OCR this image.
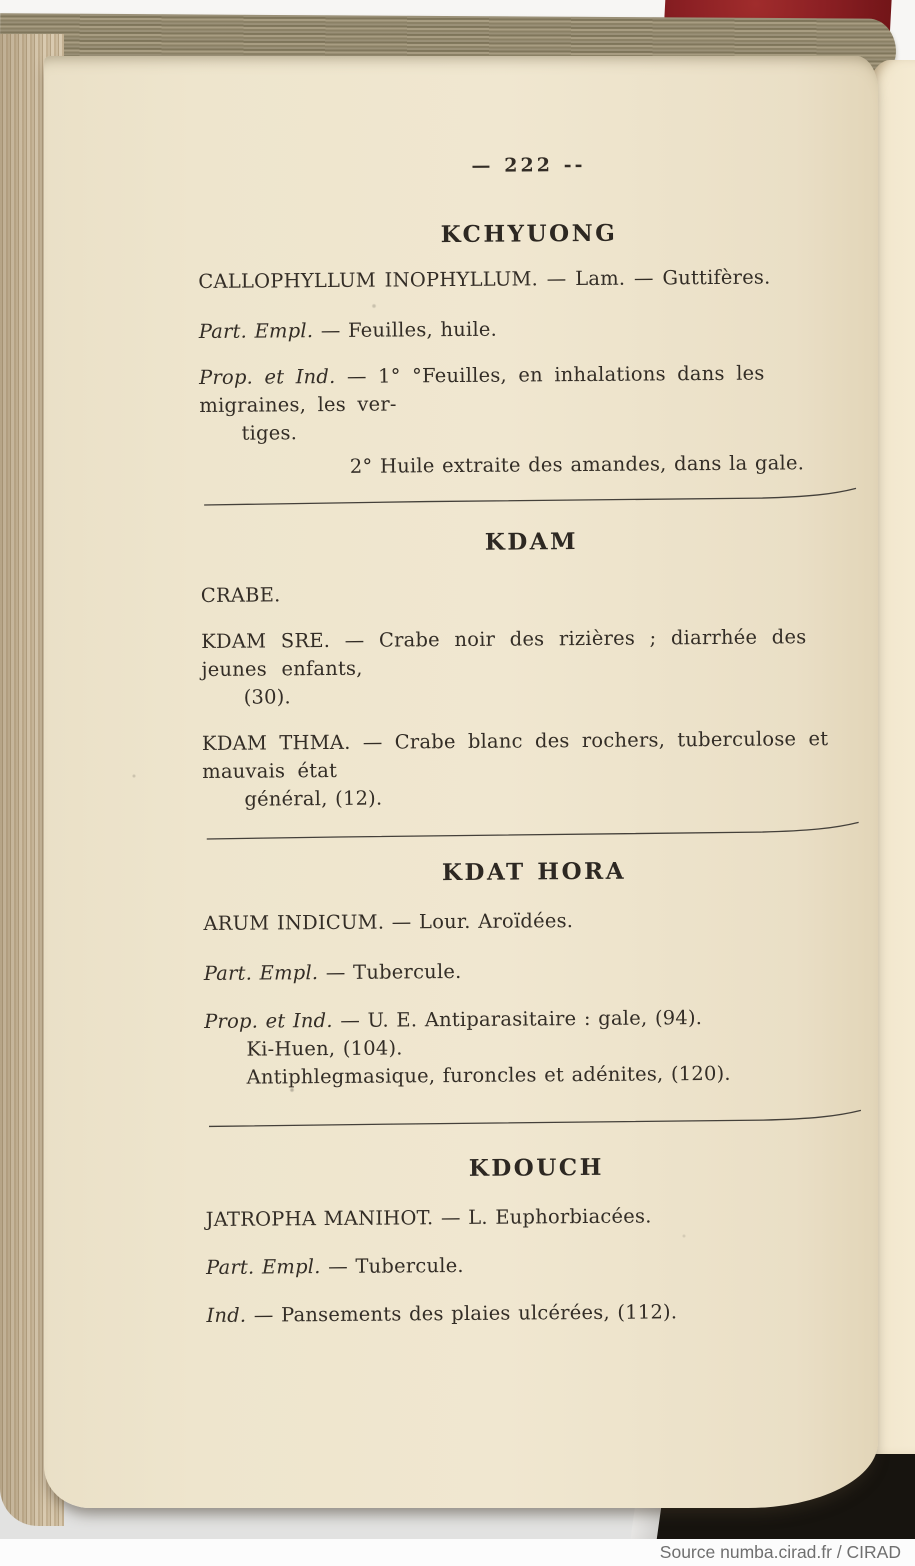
— 222 --
KCHYUONG

CALLOPHYLLUM INOPHYLLUM. — Lam. — Guttifères.

Part. Empl. — Feuilles, huile.

Prop. et Ind. — 1° °Feuilles, en inhalations dans les migraines, les ver-

tiges.

2° Huile extraite des amandes, dans la gale.

KDAM

CRABE.

KDAM SRE. — Crabe noir des rizières ; diarrhée des jeunes enfants,

(30).

KDAM THMA. — Crabe blanc des rochers, tuberculose et mauvais état

général, (12).

KDAT HORA

ARUM INDICUM. — Lour. Aroïdées.

Part. Empl. — Tubercule.

Prop. et Ind. — U. E. Antiparasitaire : gale, (94).

Ki-Huen, (104).

Antiphlegmasique, furoncles et adénites, (120).

KDOUCH

JATROPHA MANIHOT. — L. Euphorbiacées.

Part. Empl. — Tubercule.

Ind. — Pansements des plaies ulcérées, (112).

Source numba.cirad.fr / CIRAD
